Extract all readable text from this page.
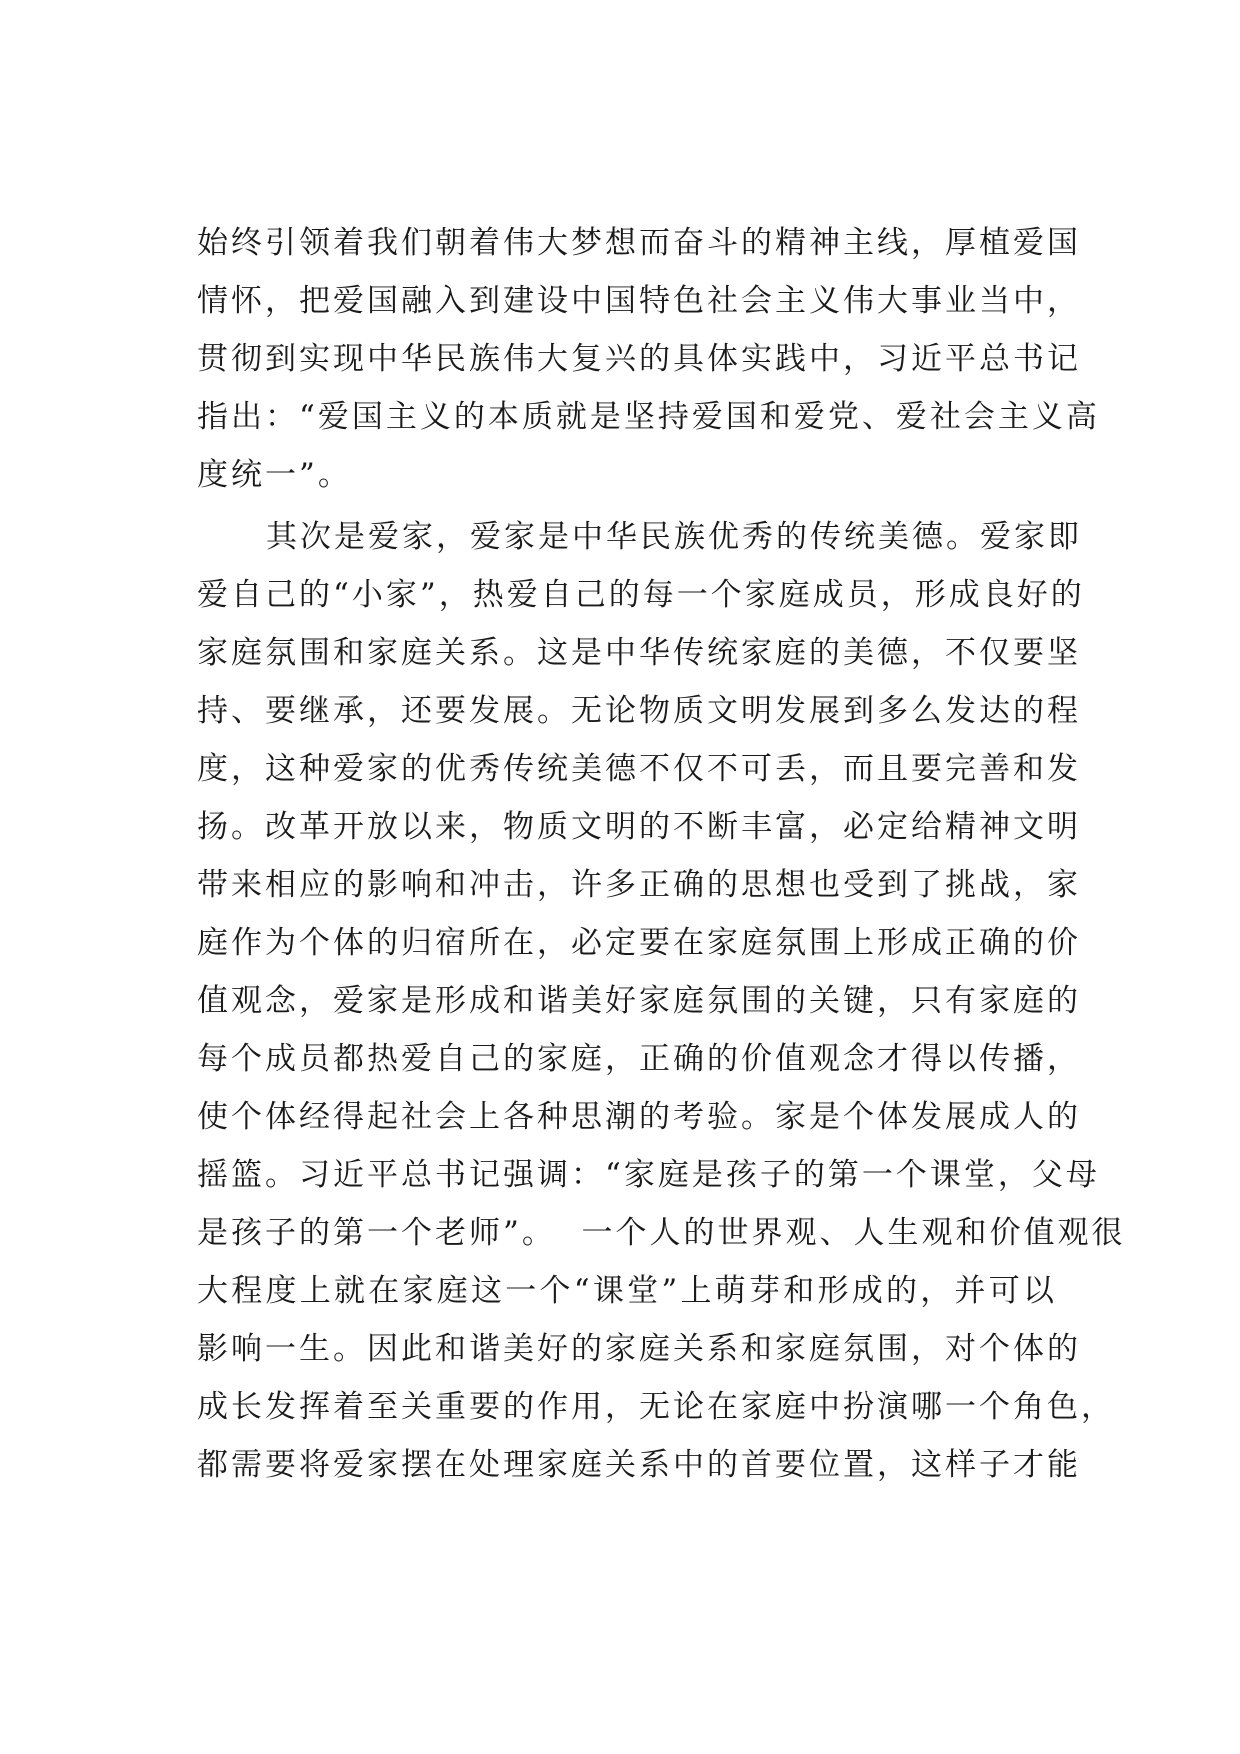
始终引领着我们朝着伟大梦想而奋斗的精神主线，厚植爱国
情怀，把爱国融入到建设中国特色社会主义伟大事业当中，
贯彻到实现中华民族伟大复兴的具体实践中，习近平总书记
指出：“爱国主义的本质就是坚持爱国和爱党、爱社会主义高
度统一”。
其次是爱家，爱家是中华民族优秀的传统美德。爱家即
爱自己的“小家”，热爱自己的每一个家庭成员，形成良好的
家庭氛围和家庭关系。这是中华传统家庭的美德，不仅要坚
持、要继承，还要发展。无论物质文明发展到多么发达的程
度，这种爱家的优秀传统美德不仅不可丢，而且要完善和发
扬。改革开放以来，物质文明的不断丰富，必定给精神文明
带来相应的影响和冲击，许多正确的思想也受到了挑战，家
庭作为个体的归宿所在，必定要在家庭氛围上形成正确的价
值观念，爱家是形成和谐美好家庭氛围的关键，只有家庭的
每个成员都热爱自己的家庭，正确的价值观念才得以传播，
使个体经得起社会上各种思潮的考验。家是个体发展成人的
摇篮。习近平总书记强调：“家庭是孩子的第一个课堂，父母
是孩子的第一个老师”。  一个人的世界观、人生观和价值观很
大程度上就在家庭这一个“课堂”上萌芽和形成的，并可以
影响一生。因此和谐美好的家庭关系和家庭氛围，对个体的
成长发挥着至关重要的作用，无论在家庭中扮演哪一个角色，
都需要将爱家摆在处理家庭关系中的首要位置，这样子才能
